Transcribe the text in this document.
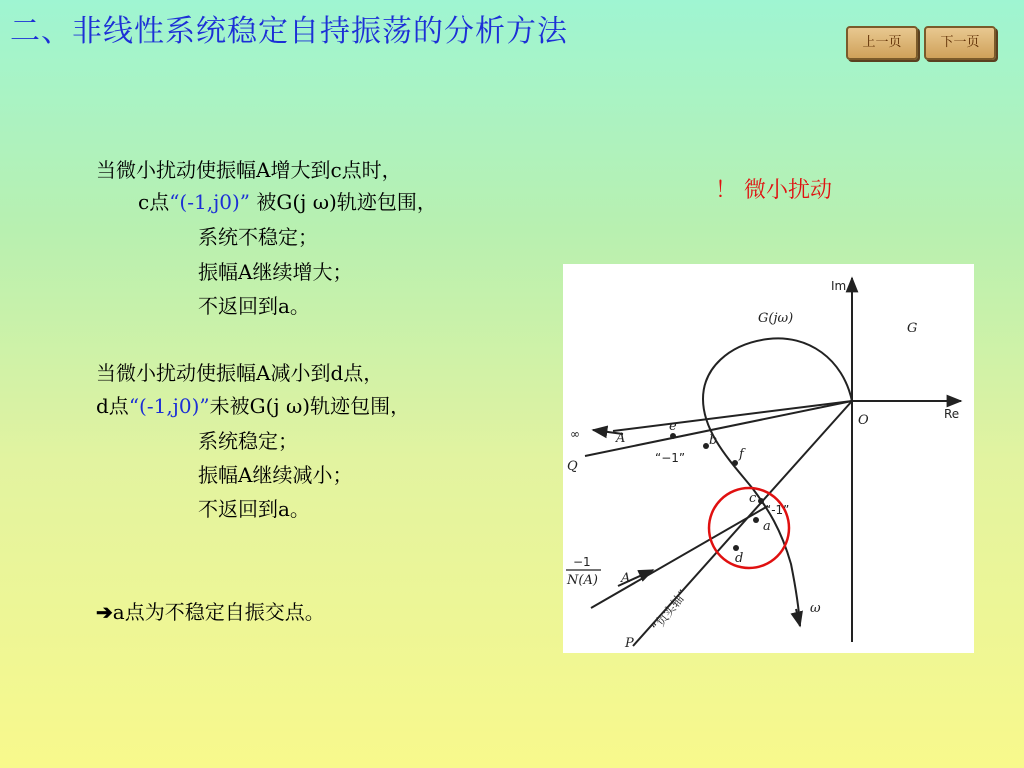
二、非线性系统稳定自持振荡的分析方法	上一页	下一页
！ 微小扰动
当微小扰动使振幅A增大到c点时，
c点“(-1,j0)” 被G(j ω)轨迹包围，
系统不稳定；
振幅A继续增大；
不返回到a。
当微小扰动使振幅A减小到d点，
d点“(-1,j0)”未被G(j ω)轨迹包围，
系统稳定；
振幅A继续减小；
不返回到a。
➔a点为不稳定自振交点。
Im
Re
O
G
G(jω)
∞	A
Q
A
P
e
b
f
c
a
d
“−1”
“-1”
“负实轴”	ω
−1
N(A)
